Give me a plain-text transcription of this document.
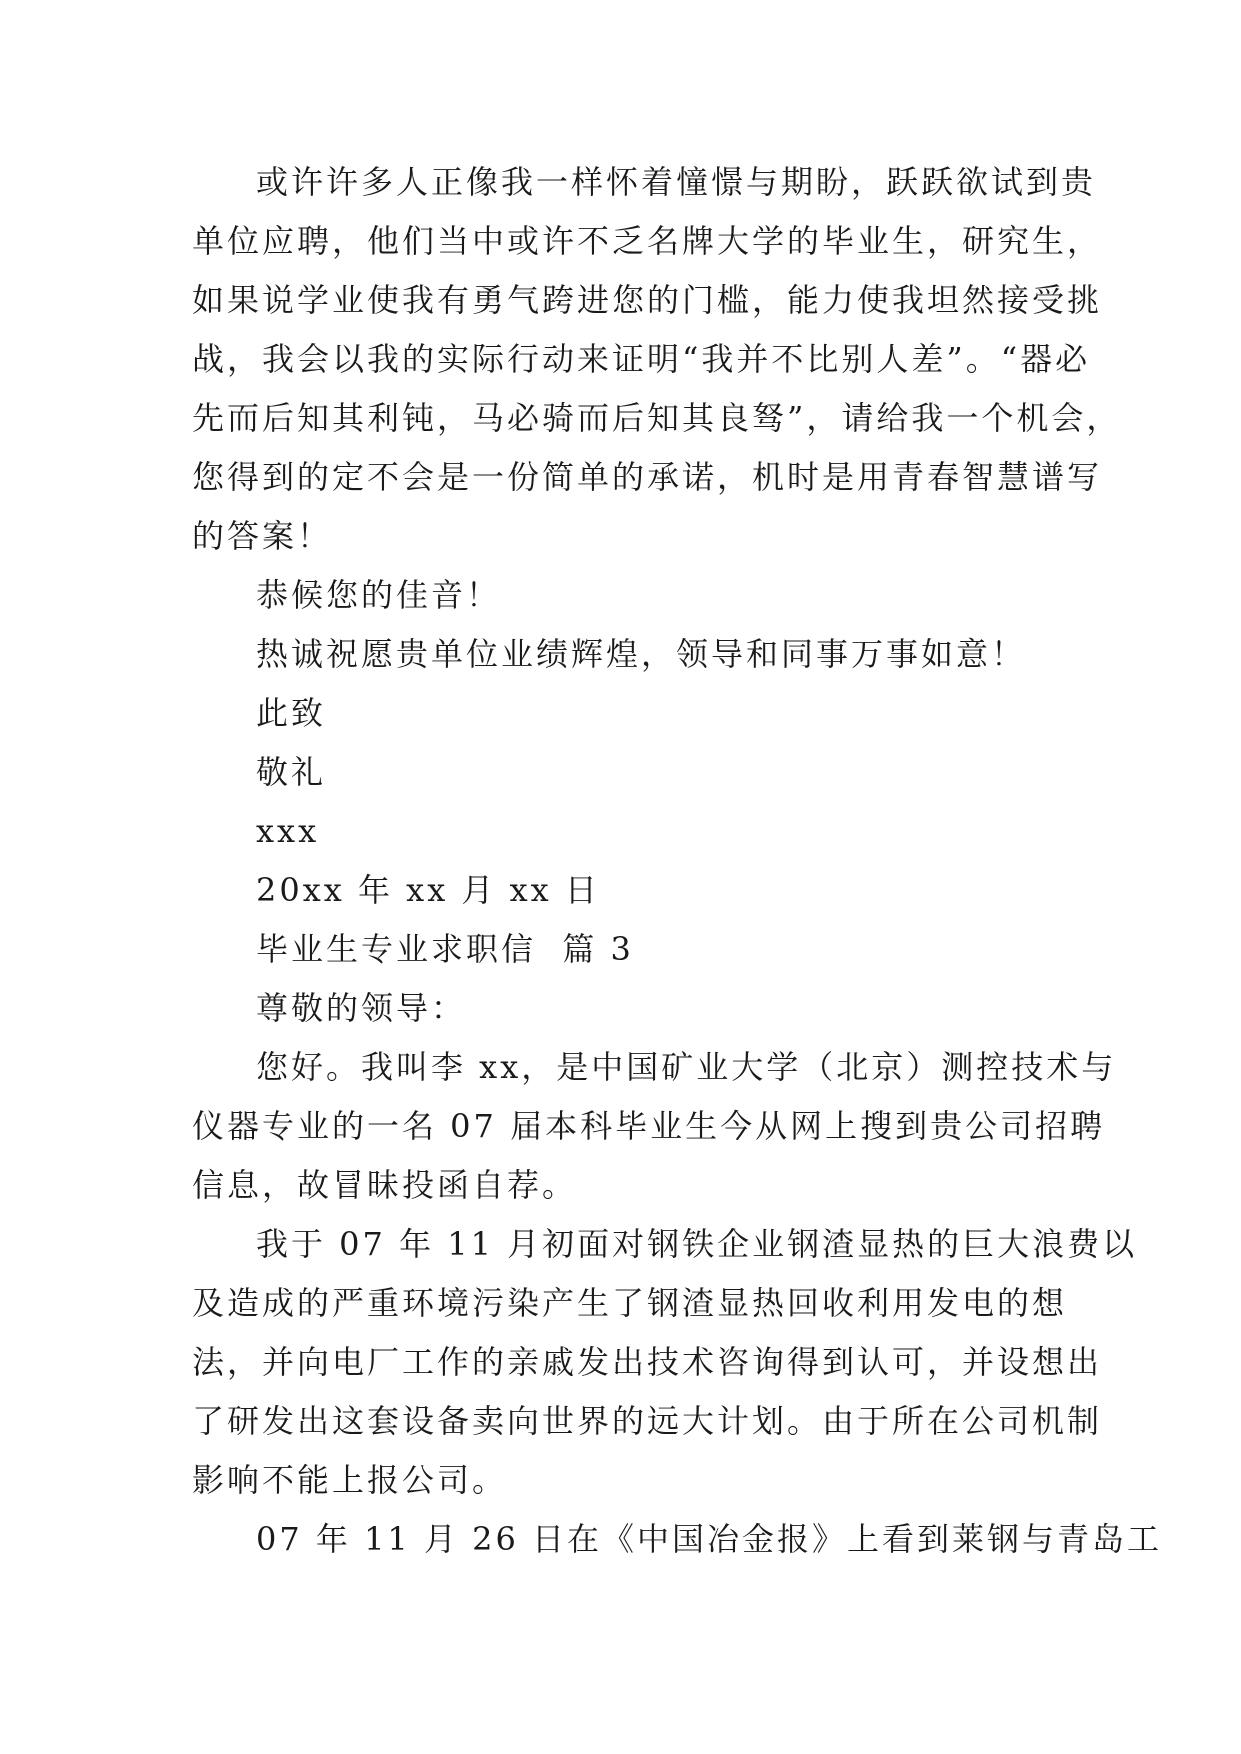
或许许多人正像我一样怀着憧憬与期盼，跃跃欲试到贵
单位应聘，他们当中或许不乏名牌大学的毕业生，研究生，
如果说学业使我有勇气跨进您的门槛，能力使我坦然接受挑
战，我会以我的实际行动来证明“我并不比别人差”。“器必
先而后知其利钝，马必骑而后知其良驽”，请给我一个机会，
您得到的定不会是一份简单的承诺，机时是用青春智慧谱写
的答案！
恭候您的佳音！
热诚祝愿贵单位业绩辉煌，领导和同事万事如意！
此致
敬礼
xxx
20xx 年 xx 月 xx 日
毕业生专业求职信  篇 3
尊敬的领导：
您好。我叫李 xx，是中国矿业大学（北京）测控技术与
仪器专业的一名 07 届本科毕业生今从网上搜到贵公司招聘
信息，故冒昧投函自荐。
我于 07 年 11 月初面对钢铁企业钢渣显热的巨大浪费以
及造成的严重环境污染产生了钢渣显热回收利用发电的想
法，并向电厂工作的亲戚发出技术咨询得到认可，并设想出
了研发出这套设备卖向世界的远大计划。由于所在公司机制
影响不能上报公司。
07 年 11 月 26 日在《中国冶金报》上看到莱钢与青岛工
